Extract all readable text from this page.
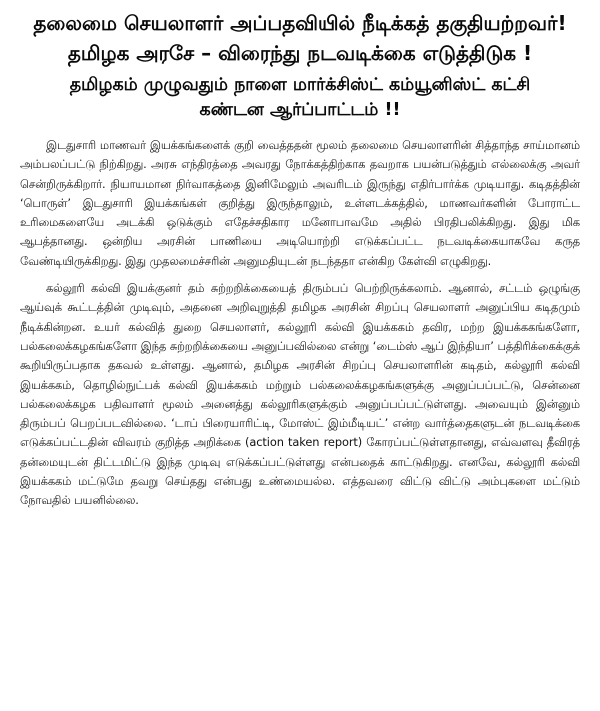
தலைமை செயலாளர் அப்பதவியில் நீடிக்கத் தகுதியற்றவர்!
தமிழக அரசே – விரைந்து நடவடிக்கை எடுத்திடுக !
தமிழகம் முழுவதும் நாளை மார்க்சிஸ்ட் கம்யூனிஸ்ட் கட்சி
கண்டன ஆர்ப்பாட்டம் !!

இடதுசாரி மாணவர் இயக்கங்களைக் குறி வைத்ததன் மூலம் தலைமை செயலாளரின் சித்தாந்த சாய்மானம் அம்பலப்பட்டு நிற்கிறது. அரசு எந்திரத்தை அவரது நோக்கத்திற்காக தவறாக பயன்படுத்தும் எல்லைக்கு அவர் சென்றிருக்கிறார். நியாயமான நிர்வாகத்தை இனிமேலும் அவரிடம் இருந்து எதிர்பார்க்க முடியாது. கடிதத்தின் ‘பொருள்’ இடதுசாரி இயக்கங்கள் குறித்து இருந்தாலும், உள்ளடக்கத்தில், மாணவர்களின் போராட்ட உரிமைகளையே அடக்கி ஒடுக்கும் எதேச்சதிகார மனோபாவமே அதில் பிரதிபலிக்கிறது. இது மிக ஆபத்தானது. ஒன்றிய அரசின் பாணியை அடியொற்றி எடுக்கப்பட்ட நடவடிக்கையாகவே கருத வேண்டியிருக்கிறது. இது முதலமைச்சரின் அனுமதியுடன் நடந்ததா என்கிற கேள்வி எழுகிறது.

கல்லூரி கல்வி இயக்குனர் தம் சுற்றறிக்கையைத் திரும்பப் பெற்றிருக்கலாம். ஆனால், சட்டம் ஒழுங்கு ஆய்வுக் கூட்டத்தின் முடிவும், அதனை அறிவுறுத்தி தமிழக அரசின் சிறப்பு செயலாளர் அனுப்பிய கடிதமும் நீடிக்கின்றன. உயர் கல்வித் துறை செயலாளர், கல்லூரி கல்வி இயக்ககம் தவிர, மற்ற இயக்ககங்களோ, பல்கலைக்கழகங்களோ இந்த சுற்றறிக்கையை அனுப்பவில்லை என்று ‘டைம்ஸ் ஆப் இந்தியா’ பத்திரிக்கைக்குக் கூறியிருப்பதாக தகவல் உள்ளது. ஆனால், தமிழக அரசின் சிறப்பு செயலாளரின் கடிதம், கல்லூரி கல்வி இயக்ககம், தொழில்நுட்பக் கல்வி இயக்ககம் மற்றும் பல்கலைக்கழகங்களுக்கு அனுப்பப்பட்டு, சென்னை பல்கலைக்கழக பதிவாளர் மூலம் அனைத்து கல்லூரிகளுக்கும் அனுப்பப்பட்டுள்ளது. அவையும் இன்னும் திரும்பப் பெறப்படவில்லை. ‘டாப் பிரையாரிட்டி, மோஸ்ட் இம்மீடியட்’ என்ற வார்த்தைகளுடன் நடவடிக்கை எடுக்கப்பட்டதின் விவரம் குறித்த அறிக்கை (action taken report) கோரப்பட்டுள்ளதானது, எவ்வளவு தீவிரத் தன்மையுடன் திட்டமிட்டு இந்த முடிவு எடுக்கப்பட்டுள்ளது என்பதைக் காட்டுகிறது. எனவே, கல்லூரி கல்வி இயக்ககம் மட்டுமே தவறு செய்தது என்பது உண்மையல்ல. எத்தவரை விட்டு விட்டு அம்புகளை மட்டும் நோவதில் பயனில்லை.
